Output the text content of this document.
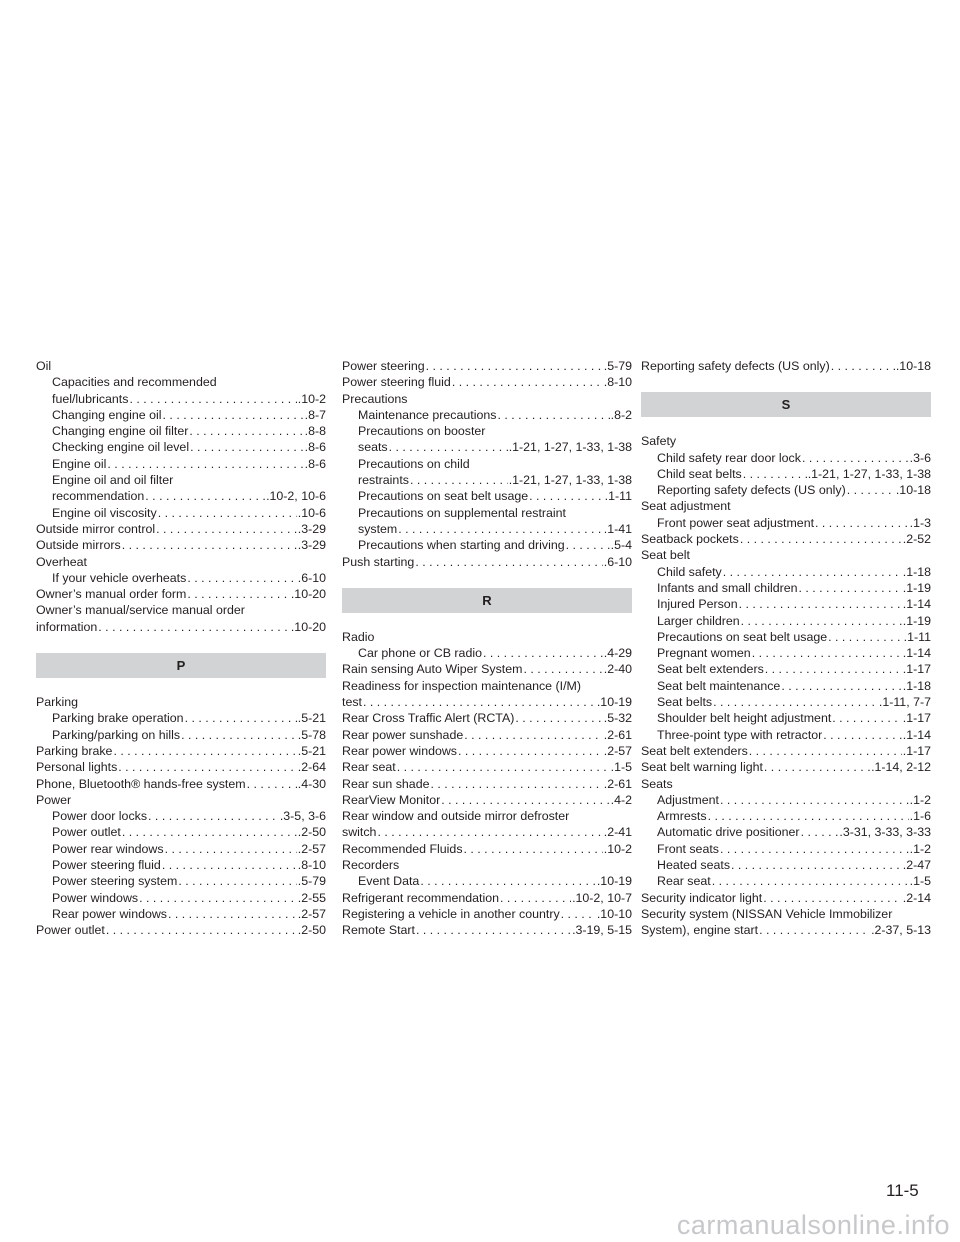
Oil
Capacities and recommended
fuel/lubricants . . .	.10-2
Changing engine oil . . .	.8-7
Changing engine oil filter . . .	.8-8
Checking engine oil level . . .	.8-6
Engine oil . . .	.8-6
Engine oil and oil filter
recommendation . . .	.10-2, 10-6
Engine oil viscosity . . .	.10-6
Outside mirror control . . .	.3-29
Outside mirrors . . .	.3-29
Overheat
If your vehicle overheats . . .	.6-10
Owner’s manual order form . . .	.10-20
Owner’s manual/service manual order
information . . .	.10-20
P
Parking
Parking brake operation . . .	.5-21
Parking/parking on hills . . .	.5-78
Parking brake . . .	.5-21
Personal lights . . .	.2-64
Phone, Bluetooth® hands-free system . . .	.4-30
Power
Power door locks . . .	.3-5, 3-6
Power outlet . . .	.2-50
Power rear windows . . .	.2-57
Power steering fluid . . .	.8-10
Power steering system . . .	.5-79
Power windows . . .	.2-55
Rear power windows . . .	.2-57
Power outlet . . .	.2-50
Power steering . . .	.5-79
Power steering fluid . . .	.8-10
Precautions
Maintenance precautions . . .	.8-2
Precautions on booster
seats . . .	.1-21, 1-27, 1-33, 1-38
Precautions on child
restraints . . .	.1-21, 1-27, 1-33, 1-38
Precautions on seat belt usage . . .	.1-11
Precautions on supplemental restraint
system . . .	.1-41
Precautions when starting and driving . . .	.5-4
Push starting . . .	.6-10
R
Radio
Car phone or CB radio . . .	.4-29
Rain sensing Auto Wiper System . . .	.2-40
Readiness for inspection maintenance (I/M)
test . . .	.10-19
Rear Cross Traffic Alert (RCTA) . . .	.5-32
Rear power sunshade . . .	.2-61
Rear power windows . . .	.2-57
Rear seat . . .	.1-5
Rear sun shade . . .	.2-61
RearView Monitor . . .	.4-2
Rear window and outside mirror defroster
switch . . .	.2-41
Recommended Fluids . . .	.10-2
Recorders
Event Data . . .	.10-19
Refrigerant recommendation . . .	.10-2, 10-7
Registering a vehicle in another country . . .	.10-10
Remote Start . . .	.3-19, 5-15
Reporting safety defects (US only) . . .	.10-18
S
Safety
Child safety rear door lock . . .	.3-6
Child seat belts . . .	.1-21, 1-27, 1-33, 1-38
Reporting safety defects (US only) . . .	.10-18
Seat adjustment
Front power seat adjustment . . .	.1-3
Seatback pockets . . .	.2-52
Seat belt
Child safety . . .	.1-18
Infants and small children . . .	.1-19
Injured Person . . .	.1-14
Larger children . . .	.1-19
Precautions on seat belt usage . . .	.1-11
Pregnant women . . .	.1-14
Seat belt extenders . . .	.1-17
Seat belt maintenance . . .	.1-18
Seat belts . . .	.1-11, 7-7
Shoulder belt height adjustment . . .	.1-17
Three-point type with retractor . . .	.1-14
Seat belt extenders . . .	.1-17
Seat belt warning light . . .	.1-14, 2-12
Seats
Adjustment . . .	.1-2
Armrests . . .	.1-6
Automatic drive positioner . . .	.3-31, 3-33, 3-33
Front seats . . .	.1-2
Heated seats . . .	.2-47
Rear seat . . .	.1-5
Security indicator light . . .	.2-14
Security system (NISSAN Vehicle Immobilizer
System), engine start . . .	.2-37, 5-13
11-5
carmanualsonline.info
